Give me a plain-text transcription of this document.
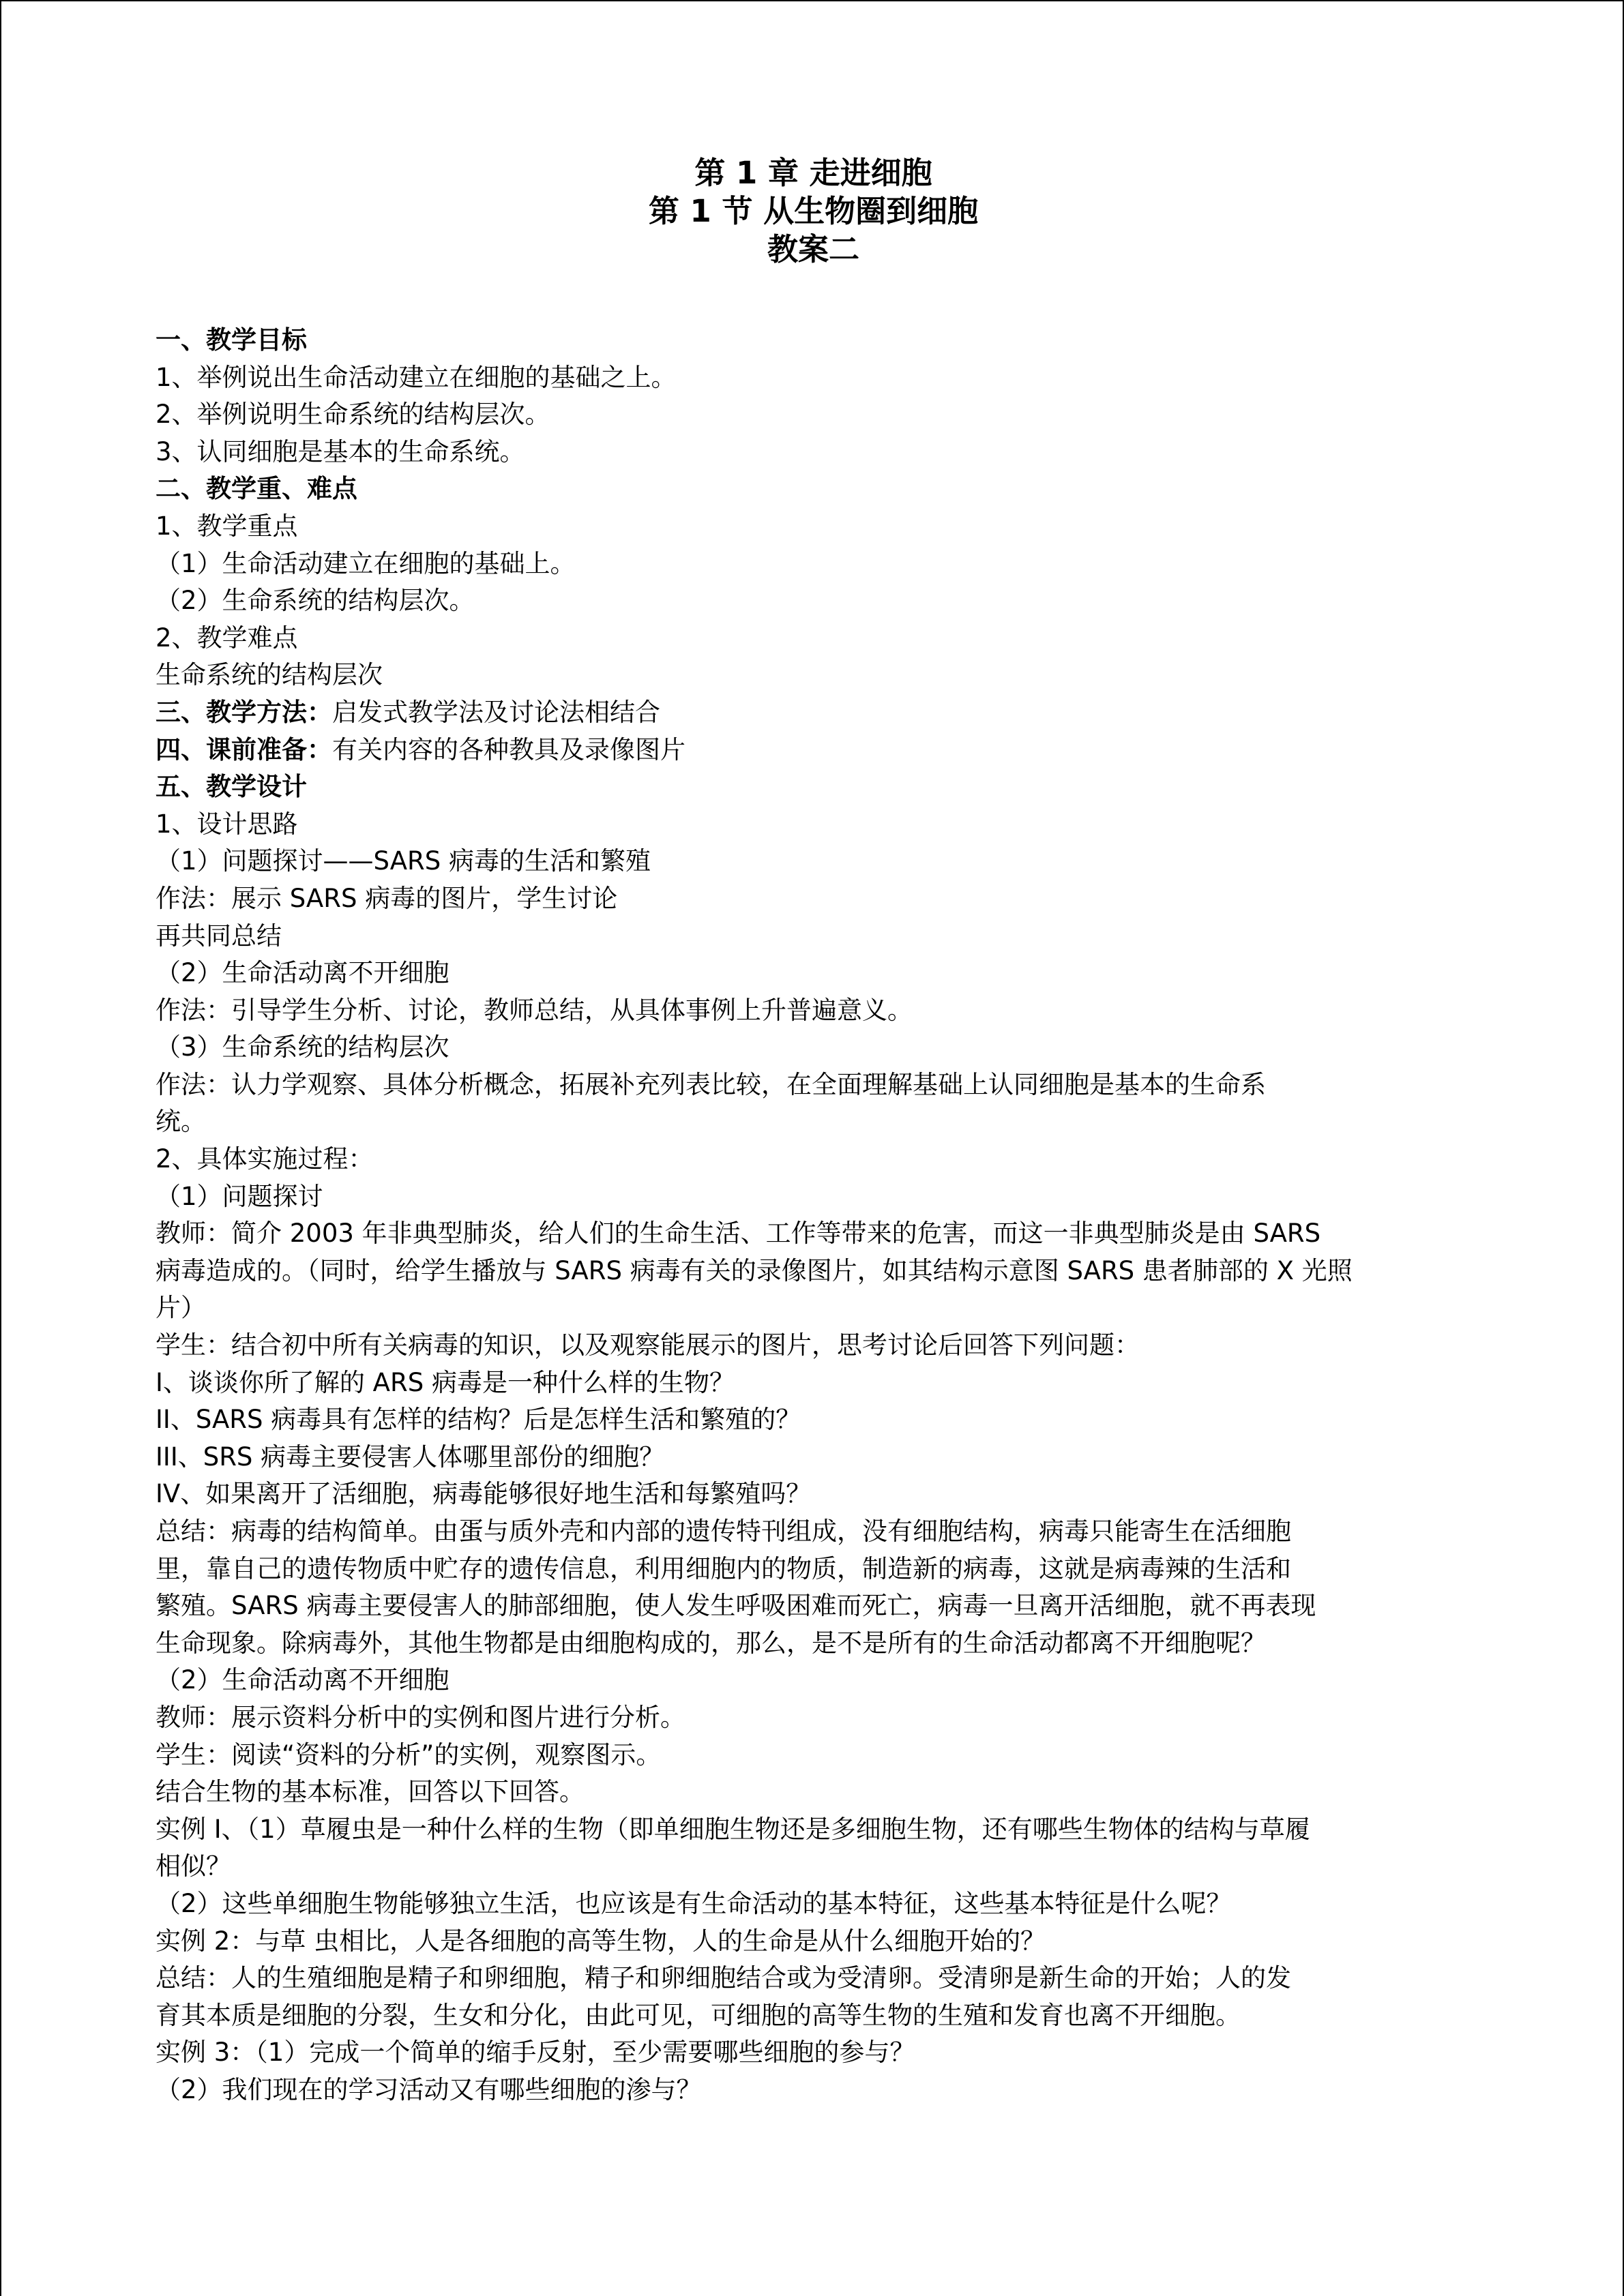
第 1 章 走进细胞
第 1 节 从生物圈到细胞
教案二
一、教学目标
1、举例说出生命活动建立在细胞的基础之上。
2、举例说明生命系统的结构层次。
3、认同细胞是基本的生命系统。
二、教学重、难点
1、教学重点
（1）生命活动建立在细胞的基础上。
（2）生命系统的结构层次。
2、教学难点
生命系统的结构层次
三、教学方法：启发式教学法及讨论法相结合
四、课前准备：有关内容的各种教具及录像图片
五、教学设计
1、设计思路
（1）问题探讨——SARS 病毒的生活和繁殖
作法：展示 SARS 病毒的图片，学生讨论
再共同总结
（2）生命活动离不开细胞
作法：引导学生分析、讨论，教师总结，从具体事例上升普遍意义。
（3）生命系统的结构层次
作法：认力学观察、具体分析概念，拓展补充列表比较，在全面理解基础上认同细胞是基本的生命系
统。
2、具体实施过程：
（1）问题探讨
教师：简介 2003 年非典型肺炎，给人们的生命生活、工作等带来的危害，而这一非典型肺炎是由 SARS
病毒造成的。（同时，给学生播放与 SARS 病毒有关的录像图片，如其结构示意图 SARS 患者肺部的 X 光照
片）
学生：结合初中所有关病毒的知识，以及观察能展示的图片，思考讨论后回答下列问题：
I、谈谈你所了解的 ARS 病毒是一种什么样的生物？
II、SARS 病毒具有怎样的结构？后是怎样生活和繁殖的？
III、SRS 病毒主要侵害人体哪里部份的细胞？
IV、如果离开了活细胞，病毒能够很好地生活和每繁殖吗？
总结：病毒的结构简单。由蛋与质外壳和内部的遗传特刊组成，没有细胞结构，病毒只能寄生在活细胞
里，靠自己的遗传物质中贮存的遗传信息，利用细胞内的物质，制造新的病毒，这就是病毒辣的生活和
繁殖。SARS 病毒主要侵害人的肺部细胞，使人发生呼吸困难而死亡，病毒一旦离开活细胞，就不再表现
生命现象。除病毒外，其他生物都是由细胞构成的，那么，是不是所有的生命活动都离不开细胞呢？
（2）生命活动离不开细胞
教师：展示资料分析中的实例和图片进行分析。
学生：阅读“资料的分析”的实例，观察图示。
结合生物的基本标准，回答以下回答。
实例 I、（1）草履虫是一种什么样的生物（即单细胞生物还是多细胞生物，还有哪些生物体的结构与草履
相似？
（2）这些单细胞生物能够独立生活，也应该是有生命活动的基本特征，这些基本特征是什么呢？
实例 2：与草 虫相比，人是各细胞的高等生物，人的生命是从什么细胞开始的？
总结：人的生殖细胞是精子和卵细胞，精子和卵细胞结合或为受清卵。受清卵是新生命的开始；人的发
育其本质是细胞的分裂，生女和分化，由此可见，可细胞的高等生物的生殖和发育也离不开细胞。
实例 3：（1）完成一个简单的缩手反射，至少需要哪些细胞的参与？
（2）我们现在的学习活动又有哪些细胞的渗与？
